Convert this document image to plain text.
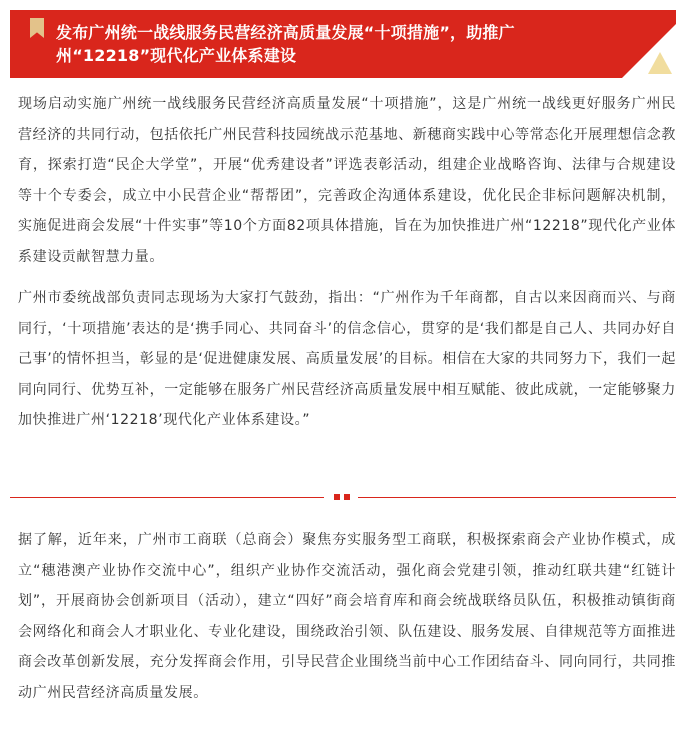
发布广州统一战线服务民营经济高质量发展“十项措施”，助推广州“12218”现代化产业体系建设

现场启动实施广州统一战线服务民营经济高质量发展“十项措施”，这是广州统一战线更好服务广州民营经济的共同行动，包括依托广州民营科技园统战示范基地、新穗商实践中心等常态化开展理想信念教育，探索打造“民企大学堂”，开展“优秀建设者”评选表彰活动，组建企业战略咨询、法律与合规建设等十个专委会，成立中小民营企业“帮帮团”，完善政企沟通体系建设，优化民企非标问题解决机制，实施促进商会发展“十件实事”等10个方面82项具体措施，旨在为加快推进广州“12218”现代化产业体系建设贡献智慧力量。

广州市委统战部负责同志现场为大家打气鼓劲，指出：“广州作为千年商都，自古以来因商而兴、与商同行，‘十项措施’表达的是‘携手同心、共同奋斗’的信念信心，贯穿的是‘我们都是自己人、共同办好自己事’的情怀担当，彰显的是‘促进健康发展、高质量发展’的目标。相信在大家的共同努力下，我们一起同向同行、优势互补，一定能够在服务广州民营经济高质量发展中相互赋能、彼此成就，一定能够聚力加快推进广州‘12218’现代化产业体系建设。”

据了解，近年来，广州市工商联（总商会）聚焦夯实服务型工商联，积极探索商会产业协作模式，成立“穗港澳产业协作交流中心”，组织产业协作交流活动，强化商会党建引领，推动红联共建“红链计划”，开展商协会创新项目（活动），建立“四好”商会培育库和商会统战联络员队伍，积极推动镇街商会网络化和商会人才职业化、专业化建设，围绕政治引领、队伍建设、服务发展、自律规范等方面推进商会改革创新发展，充分发挥商会作用，引导民营企业围绕当前中心工作团结奋斗、同向同行，共同推动广州民营经济高质量发展。
